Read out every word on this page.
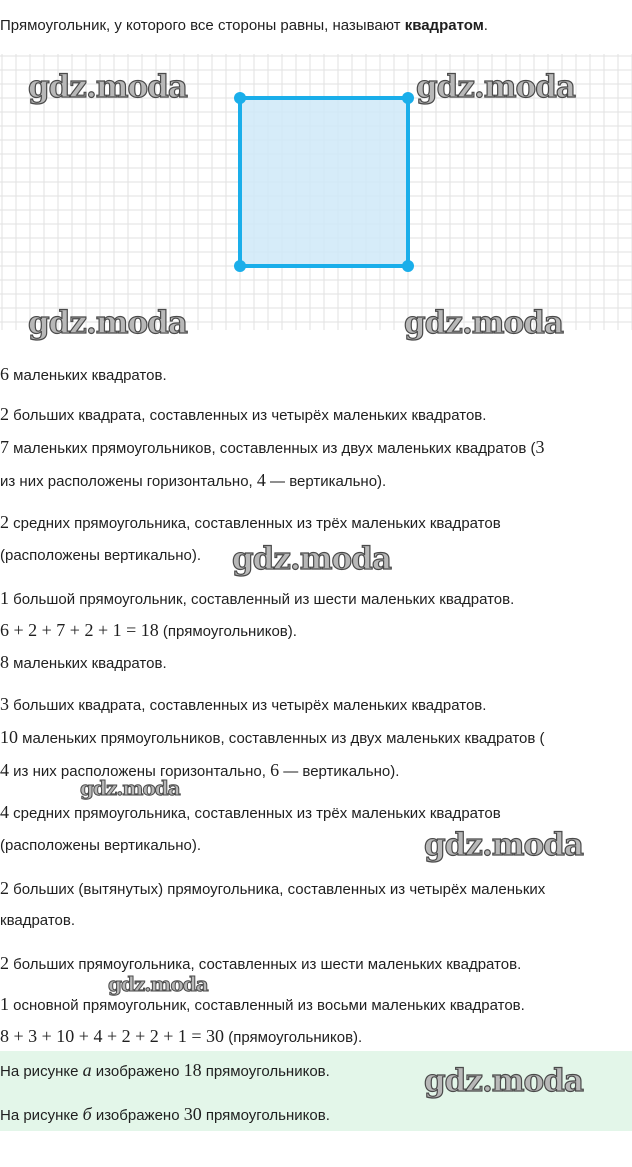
Прямоугольник, у которого все стороны равны, называют квадратом.
6 маленьких квадратов.
2 больших квадрата, составленных из четырёх маленьких квадратов.
7 маленьких прямоугольников, составленных из двух маленьких квадратов (3
из них расположены горизонтально, 4 — вертикально).
2 средних прямоугольника, составленных из трёх маленьких квадратов
(расположены вертикально).
1 большой прямоугольник, составленный из шести маленьких квадратов.
6 + 2 + 7 + 2 + 1 = 18 (прямоугольников).
8 маленьких квадратов.
3 больших квадрата, составленных из четырёх маленьких квадратов.
10 маленьких прямоугольников, составленных из двух маленьких квадратов (
4 из них расположены горизонтально, 6 — вертикально).
4 средних прямоугольника, составленных из трёх маленьких квадратов
(расположены вертикально).
2 больших (вытянутых) прямоугольника, составленных из четырёх маленьких
квадратов.
2 больших прямоугольника, составленных из шести маленьких квадратов.
1 основной прямоугольник, составленный из восьми маленьких квадратов.
8 + 3 + 10 + 4 + 2 + 2 + 1 = 30 (прямоугольников).
На рисунке а изображено 18 прямоугольников.
На рисунке б изображено 30 прямоугольников.
gdz.moda	gdz.moda
gdz.moda	gdz.moda
gdz.moda
gdz.moda
gdz.moda
gdz.moda
gdz.moda
